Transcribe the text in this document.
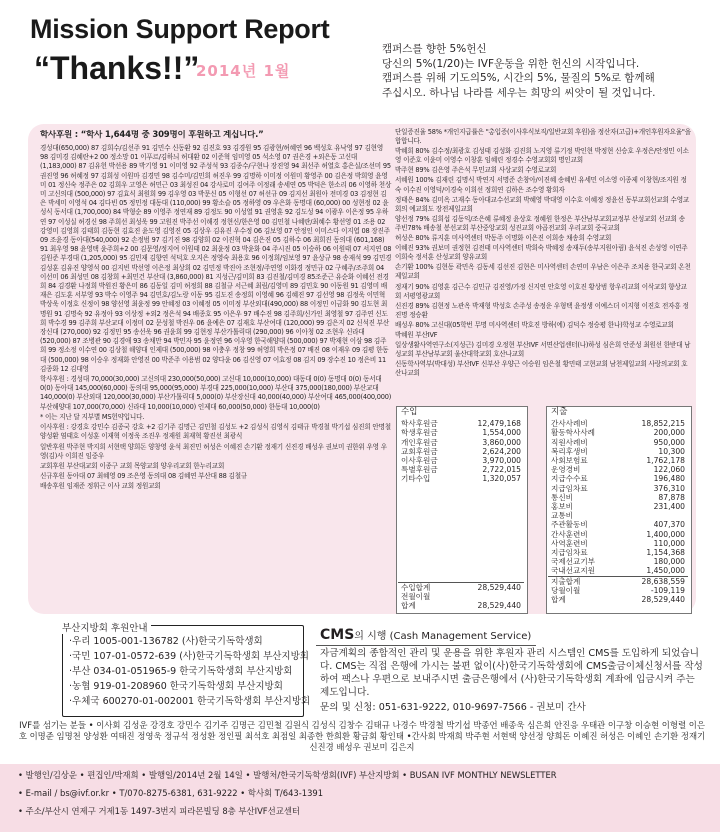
Mission Support Report
“Thanks!!”
2014년 1월
캠퍼스를 향한 5%헌신
당신의 5%(1/20)는 IVF운동을 위한 헌신의 시작입니다.
캠퍼스를 위해 기도의5%, 시간의 5%, 물질의 5%로 함께해
주십시오. 하나님 나라를 세우는 희망의 씨앗이 될 것입니다.

학사후원 : “학사 1,644명 중 309명이 후원하고 계십니다.”

경성대(650,000) 87 김희수/김선주 91 김민수 신동환 92 김진호 93 김경원 95 김광현/허혜연 96 백성호 유낙영 97 김현영 98 김미경 김혜란+2 00 정소망 01 이푸르/김하늬 허대환 02 이준혁 임미영 05 석소영 07 권은경 +외은동 고신대 (1,183,000) 87 김유헌 박선용 89 박기영 91 이미영 92 주성석 93 김종수/구현나 장진영 94 최선주 허열호 홍은실/조선미 95 권진영 96 허혜정 97 김희성 이원마 김경민 98 김수미/김민희 허진우 99 김명하 이미정 이원미 황영주 00 김은정 박희영 윤영미 01 정신숙 정주은 02 김희우 고영은 허민근 03 최성진 04 강사로미 김여주 이정래 송세연 05 박덕은 한소리 06 이영하 천상미 고신의대 (500,000) 97 김효식 최원희 99 김우영 03 박문신 05 이형선 07 허선규 09 김지선 최원아 전미경 03 김정현 김은 박세미 이영석 04 김다빈 05 정민정 대동대 (110,000) 99 황소슬 05 정하영 09 우은화 동명대 (60,000) 00 성현정 02 윤성식 동서대 (1,700,000) 84 박형순 89 이영주 정연재 89 김정도 90 이성열 91 권영훈 92 김도성 94 이광우 이은정 95 우하연 97 이성실 허경신 98 주희선 최성욱 99 고원진 박주선 이해경 정현신/한은영 00 김민철 나혜란/최혜수 황선영 01 조용 02 강영미 김영희 김태희 김동현 김효진 윤도영 김영진 05 김상우 김유진 우수정 06 김보영 07 안정인 이미스다 이지엽 08 장진주 09 조윤경 동아대(540,000) 92 손정범 97 김기진 98 김양희 02 이진혁 04 김은진 05 김하수 06 최희진 동의대 (601,168) 91 최우영 98 윤영택 윤주희+2 00 김문영/정지여 이원태 02 최윤정 03 박윤화 04 주시진 05 이승하 06 이원태 07 서지연 08 김원준 부경대 (1,205,000) 95 김민재 김향연 석덕호 오지은 정영숙 최용호 96 이정희/임보영 97 윤상규 98 송재석 99 김민경 김성훈 김유진 양영석 00 김지빈 박선영 이은정 최상희 02 김민정 박진아 조현정/주연영 이화경 정민규 02 구혜주/조주희 04 이선미 06 최성민 08 김창희 +최민건 부산대 (3,860,000) 81 지성근/김미희 83 김진철/김미경 85조준근 유순화 이혜선 전경희 84 김경환 나정희 박원진 황은미 86 김동일 김미 허정희 88 김철규 서근혜 최림/김영미 89 김민호 90 이동원 91 김영미 배재은 김도훈 서부영 93 박수 이영주 94 김민호/김노랑 이동 95 김도진 송정희 이영혜 96 김혜진 97 김선영 98 김정욱 이민혁 박상욱 이정호 신정이 98 양선영 최윤정 99 안혜정 03 이혜정 05 이미정 부산외대(490,000) 88 이정민 이금화 90 김도현 최명원 91 김명숙 92 유정아 93 이상정 +외2 정은석 94 배종호 95 이은우 97 배수진 98 김주희/신가인 최영철 97 김주연 신도희 박수경 99 김주희 부산교대 이정미 02 문성철 박진우 06 윤예은 07 김재호 부산여대 (120,000) 99 김은지 02 신석진 부산장신대 (270,000) 92 김정민 95 송선욱 96 권윤희 99 김현정 부산가톨릭대 (290,000) 96 이아청 02 조현우 신라대 (520,000) 87 조병관 90 김경애 93 송채만 94 박민자 95 윤정연 96 이우영 한국해양대 (500,000) 97 박재현 이삼 98 김주희 99 정소정 이수연 00 김상철 해양대 인제대 (500,000) 98 이충우 정창 99 허영희 박은정 07 배진 08 이재우 09 김평 한동대 (500,000) 98 이승우 정재화 안영진 00 박준주 이용범 02 양다윤 06 김신영 07 이효정 08 김지 09 장수진 10 정은비 11 김종화 12 김대영

학사후원 : 경성대 70,000(30,000) 고신의대 230,000(50,000) 고신대 10,000(10,000) 대동대 0(0) 동명대 0(0) 동서대 0(0) 동아대 145,000(60,000) 동의대 95,000(95,000) 부경대 225,000(10,000) 부산대 375,000(180,000) 부산교대 140,000(0) 부산외대 120,000(30,000) 부산가톨릭대 5,000(0) 부산장신대 40,000(40,000) 부산여대 465,000(400,000) 부산해양대 107,000(70,000) 신라대 10,000(10,000) 인제대 60,000(50,000) 한동대 10,000(0)

* 이는 지난 달 지부별 MS헌약입니다.

이사후원 : 강경호 강민수 김종국 강호 +2 김기주 김명근 김민철 김성도 +2 김성식 김영식 김태규 박경철 박기섭 심진희 안명철 양성환 염태호 이성훈 이재혁 이정욱 조진우 정재원 최재혁 황진선 최광식

일반후원 박주현 박지희 서현택 양희돈 양창영 윤석 최진민 허성은 이혜진 손기환 정재기 신진경 배성우 권보미 권한위 우영 우영(김)사 이희진 임중우

교회후원 부산대교회 이종구 교회 목양교회 양우리교회 한누리교회

신규후원 동아대 07 최혜영 09 조은영 동의대 08 김혜연 부산대 88 김철규

배송후원 임재준 정휘근 이사 교회 정원교회

단일증진율 58% *개인지급률은 "총입증(이사후식보직/일반교회 후원)을 정산자(고급)+개인후원자요율"을 합합니다.

박혜희 80% 김수정/최광호 김성태 김성화 김진희 노지영 류기정 박인현 박정현 신승호 우정은/안정민 이소영 이준호 이윤미 이영수 이창훈 임혜린 정경수 수영교회회 명인교회

박주현 89% 김은영 주은석 무민교회 사상교회 수영로교회

서혜원 100% 김재린 김명식 박연지 서명준 손창아/이진혜 송혜빈 유세민 이소영 이종제 이창현/조지원 정숙 이수진 이영덕/이경숙 이희선 정희연 김하은 조수영 황희자

정태은 84% 김미옥 고재수 동아대교수선교회 박혜영 박대영 이수호 이혜정 정윤선 동부교회선교회 수영교회의 예교회도 장전제일교회

양선정 79% 김희섭 김동익/조은혜 류혜정 윤상호 정혜원 한정은 부산남부교회교정부 산성교회 선교회 송주빈78% 배송철 봉선교회 부산중앙교회 성진교회 야곱전교회 우리교회 중국교회

허성은 80% 류지훈 미사역센터 박동주 이명화 이은진 이희송 채송희 수영교회

이혜진 93% 권보미 권정현 김전태 미사역센터 박희숙 박혜정 송재두(송부지원아림) 윤석진 손성영 이연주 이희숙 정서훈 산성교회 양유교회

손기환 100% 김현동 곽민옥 김동세 김선진 김현은 미사역센터 손연미 우남은 이은주 조치용 한국교회 온천제일교회

정재기 90% 김영훈 김근수 김민규 김진영/가정 신지연 안호영 이호진 황상범 항우리교회 이삭교회 향상교회 서평영광교회

신진경 89% 김현정 노관옥 박재형 박성호 손주성 송정운 우형택 윤정생 이예스더 이지형 이진호 전자흥 정진명 정승환

배성우 80% 고신대(05학번 무명 미사역센터 박호진 방하(에) 김덕수 정승평 한나)학성교 수영로교회

박혜원 부산IVF

일상생활사역연구소(지성근) 김미경 오정현 부산IVF 서면산업센터(나)하성 심은희 안준성 최원선 한받대 남성교회 부산남부교회 울산대학교회 호산나교회

신동학사역부(박대성) 부산IVF 신부산 우양근 이승원 임은철 황민태 고현교회 남천제일교회 사랑의교회 호산나교회

수입	
학사후원금	12,479,168
학생후원금	1,554,000
개인후원금	3,860,000
교회후원금	2,624,200
이사후원금	3,970,000
특별후원금	2,722,015
기타수입	1,320,057
수입합계	28,529,440
전월이월	
합계	28,529,440
지출	
간사사례비	18,852,215
활동학사사례	200,000
직원사례비	950,000
복리후생비	10,300
사회보험료	1,762,178
운영경비	122,060
지급수수료	196,480
지급임차료	376,310
통신비	87,878
홍보비	231,400
교통비	
주관활동비	407,370
간사훈련비	1,400,000
사역훈련비	110,000
지급임차료	1,154,368
국제선교기부	180,000
국내선교지원	1,450,000
지출합계	28,638,559
당월이월	-109,119
합계	28,529,440
부산지방회 후원안내
·우리 1005-001-136782 (사)한국기독학생회
·국민 107-01-0572-639 (사)한국기독학생회 부산지방회
·부산 034-01-051965-9 한국기독학생회 부산지방회
·농협 919-01-208960 한국기독학생회 부산지방회
·우체국 600270-01-002001 한국기독학생회 부산지방회
CMS의 시행 (Cash Management Service)
자금계획의 종합적인 관리 및 운용을 위한 후원자 관리 시스템인 CMS를 도입하게 되었습니다. CMS는 직접 은행에 가시는 불편 없이(사)한국기독학생회에 CMS출금이체신청서를 작성하여 팩스나 우편으로 보내주시면 출금은행에서 (사)한국기독학생회 계좌에 입금시켜 주는 제도입니다.
문의 및 신청: 051-631-9222, 010-9697-7566 - 권보미 간사
IVF를 섬기는 분들 • 이사회 김성운 강경호 강민수 김기주 김명근 김민철 김원식 김성식 김창수 김태규 나경수 박경철 박기섭 박종언 배종욱 심은희 안진응 우태관 이구창 이승현 이형렬 이은호 이명준 임명천 양성환 여태진 정영욱 정규석 정성환 정인필 최석호 최점일 최종한 한희환 황금회 황인태 •간사회 박재희 박주현 서현택 양선정 양희돈 이혜진 허성은 이혜인 손기환 정재기 신진경 배성우 권보미 김은지
• 발행인/김상운 • 편집인/박재희 • 발행일/2014년 2월 14일 • 발행처/한국기독학생회(IVF) 부산지방회 • BUSAN IVF MONTHLY NEWSLETTER
• E-mail / bs@ivf.or.kr • T/070-8275-6381, 631-9222 • 학사회 T/643-1391
• 주소/부산시 연제구 거제1동 1497-3번지 피라몬빌딩 8층 부산IVF선교센터
